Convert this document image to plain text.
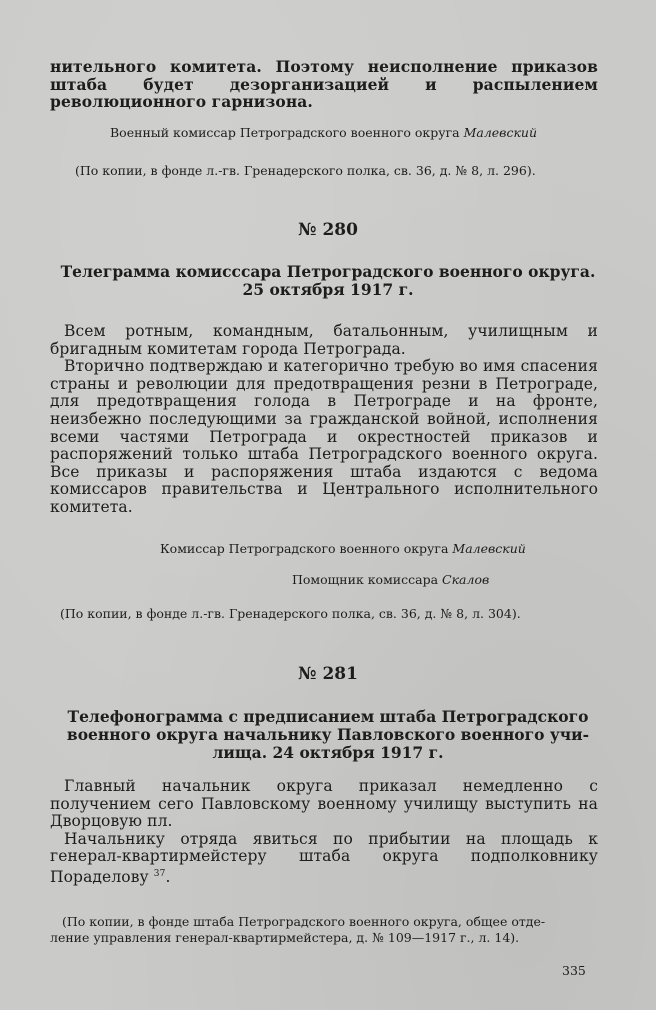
нительного комитета. Поэтому неисполнение приказов штаба будет дезорганизацией и распылением революционного гарнизона.

Военный комиссар Петроградского военного округа Малевский
(По копии, в фонде л.-гв. Гренадерского полка, св. 36, д. № 8, л. 296).
№ 280
Телеграмма комисссара Петроградского военного округа.
25 октября 1917 г.

Всем ротным, командным, батальонным, училищным и бригадным комитетам города Петрограда.

Вторично подтверждаю и категорично требую во имя спасения страны и революции для предотвращения резни в Петрограде, для предотвращения голода в Петрограде и на фронте, неизбежно последующими за гражданской войной, исполнения всеми частями Петрограда и окрестностей приказов и распоряжений только штаба Петроградского военного округа. Все приказы и распоряжения штаба издаются с ведома комиссаров правительства и Центрального исполнительного комитета.

Комиссар Петроградского военного округа Малевский
Помощник комиссара Скалов
(По копии, в фонде л.-гв. Гренадерского полка, св. 36, д. № 8, л. 304).
№ 281
Телефонограмма с предписанием штаба Петроградского
военного округа начальнику Павловского военного учи-
лища. 24 октября 1917 г.

Главный начальник округа приказал немедленно с получением сего Павловскому военному училищу выступить на Дворцовую пл.

Начальнику отряда явиться по прибытии на площадь к генерал-квартирмейстеру штаба округа подполковнику Пораделову $^{37}$.

(По копии, в фонде штаба Петроградского военного округа, общее отде-
ление управления генерал-квартирмейстера, д. № 109—1917 г., л. 14).
335
